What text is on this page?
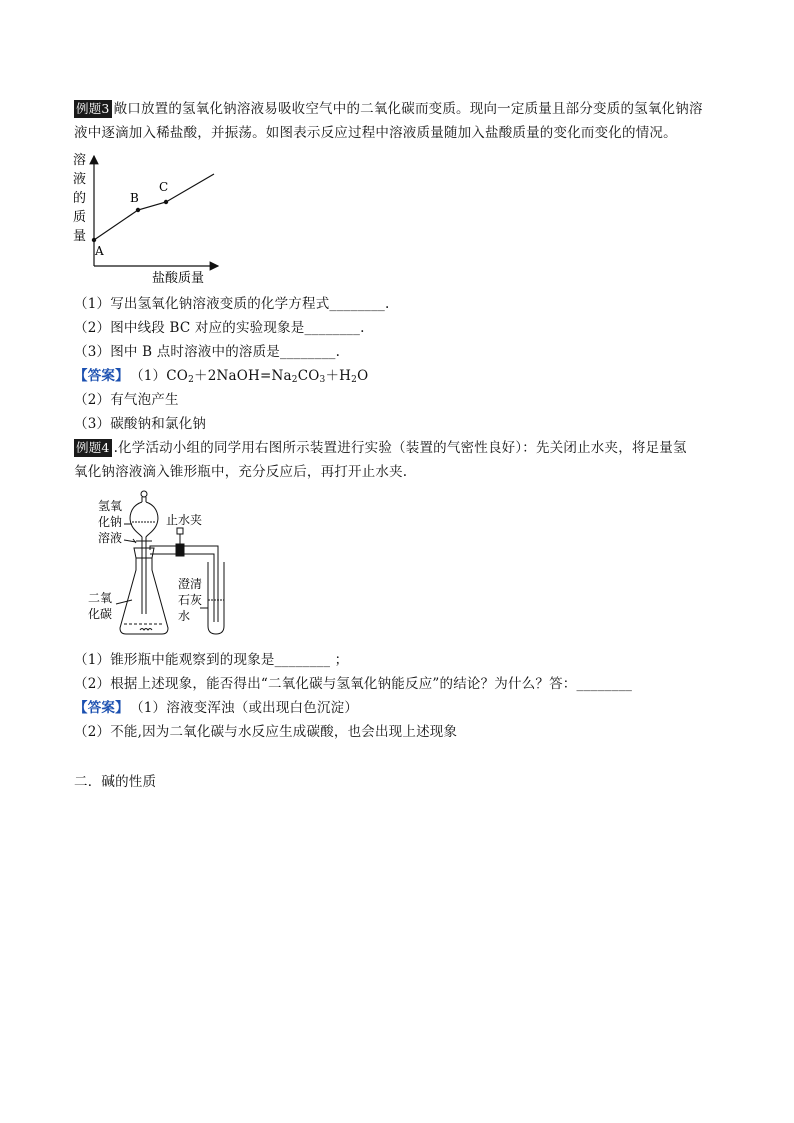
例题3 敞口放置的氢氧化钠溶液易吸收空气中的二氧化碳而变质。现向一定质量且部分变质的氢氧化钠溶
液中逐滴加入稀盐酸，并振荡。如图表示反应过程中溶液质量随加入盐酸质量的变化而变化的情况。
溶
液
的
质
量
A
B
C
盐酸质量
（1）写出氢氧化钠溶液变质的化学方程式________.
（2）图中线段 BC 对应的实验现象是________.
（3）图中 B 点时溶液中的溶质是________.
【答案】 $(1)CO_2+2NaOH=Na_2CO_3+H_2O$
（2）有气泡产生
（3）碳酸钠和氯化钠
例题4 .化学活动小组的同学用右图所示装置进行实验（装置的气密性良好）：先关闭止水夹，将足量氢
氧化钠溶液滴入锥形瓶中，充分反应后，再打开止水夹.
氢氧
化钠
溶液
止水夹
二氧
化碳
澄清
石灰
水
（1）锥形瓶中能观察到的现象是________ ；
（2）根据上述现象，能否得出“二氧化碳与氢氧化钠能反应”的结论？为什么？答：________
【答案】 （1）溶液变浑浊（或出现白色沉淀）
（2）不能,因为二氧化碳与水反应生成碳酸，也会出现上述现象
二．碱的性质
